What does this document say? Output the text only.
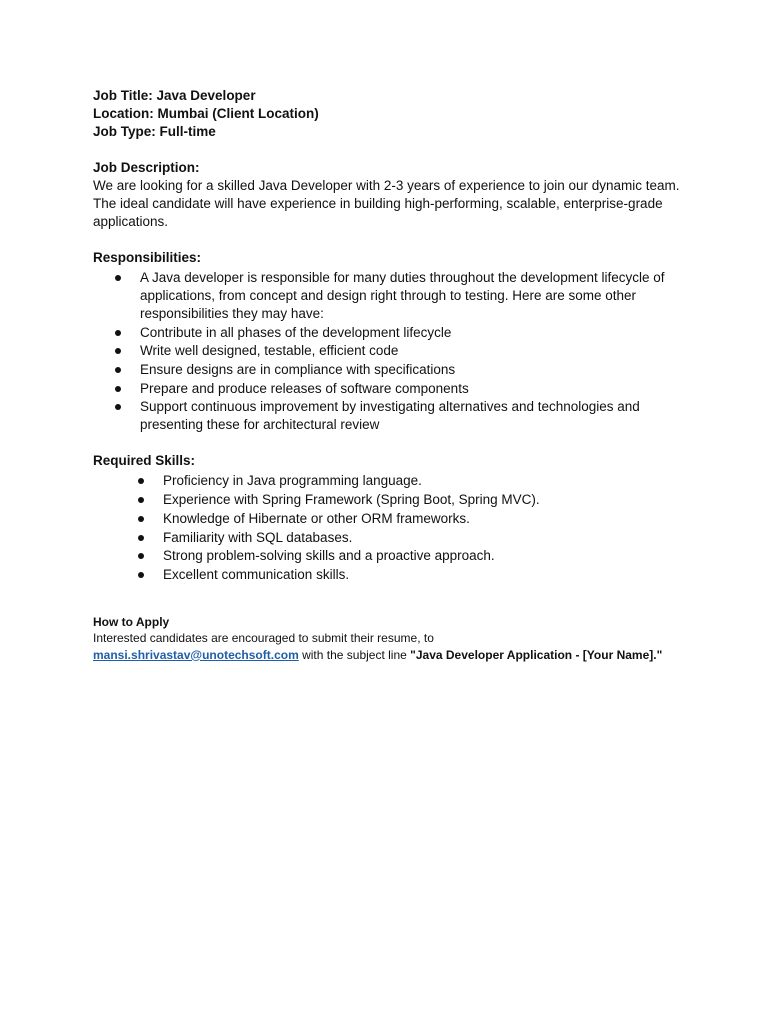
Job Title: Java Developer

Location: Mumbai (Client Location)

Job Type: Full-time

Job Description:

We are looking for a skilled Java Developer with 2-3 years of experience to join our dynamic team. The ideal candidate will have experience in building high-performing, scalable, enterprise-grade applications.

Responsibilities:

A Java developer is responsible for many duties throughout the development lifecycle of applications, from concept and design right through to testing. Here are some other responsibilities they may have:
Contribute in all phases of the development lifecycle
Write well designed, testable, efficient code
Ensure designs are in compliance with specifications
Prepare and produce releases of software components
Support continuous improvement by investigating alternatives and technologies and presenting these for architectural review

Required Skills:

Proficiency in Java programming language.
Experience with Spring Framework (Spring Boot, Spring MVC).
Knowledge of Hibernate or other ORM frameworks.
Familiarity with SQL databases.
Strong problem-solving skills and a proactive approach.
Excellent communication skills.

How to Apply

Interested candidates are encouraged to submit their resume, to
mansi.shrivastav@unotechsoft.com with the subject line "Java Developer Application - [Your Name]."
